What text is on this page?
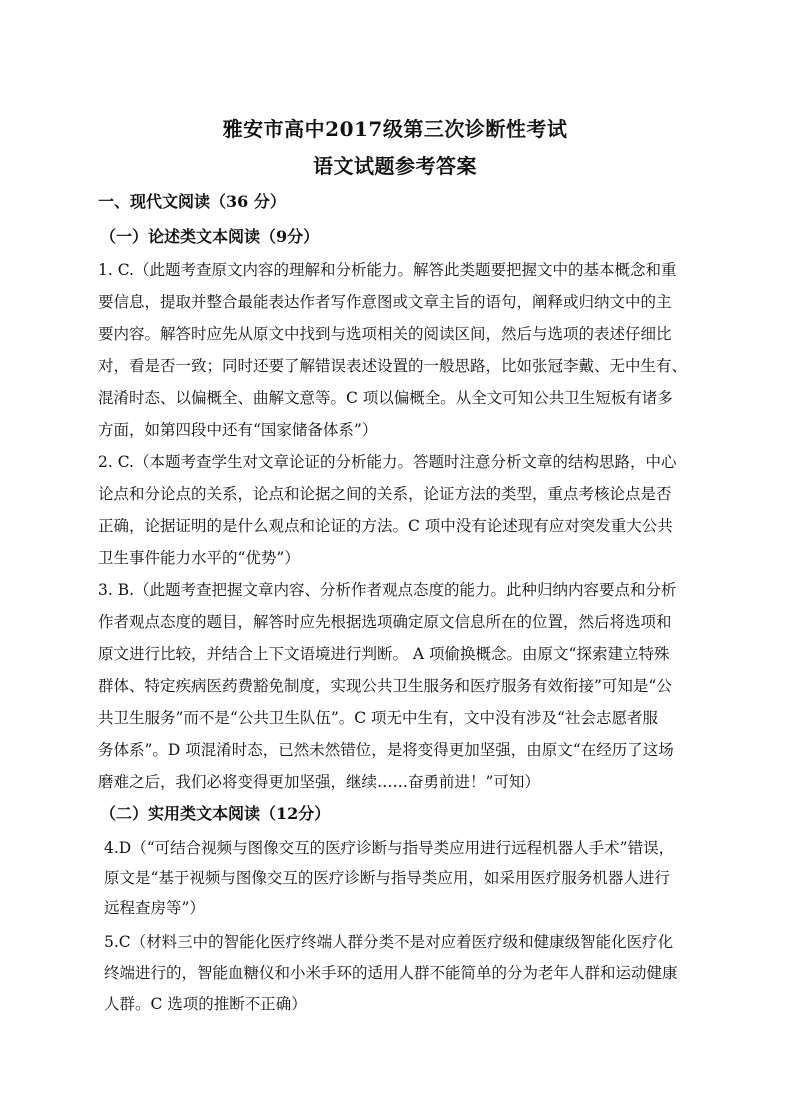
雅安市高中2017级第三次诊断性考试
语文试题参考答案
一、现代文阅读（36 分）
（一）论述类文本阅读（9分）
1. C.（此题考查原文内容的理解和分析能力。解答此类题要把握文中的基本概念和重
要信息，提取并整合最能表达作者写作意图或文章主旨的语句，阐释或归纳文中的主
要内容。解答时应先从原文中找到与选项相关的阅读区间，然后与选项的表述仔细比
对，看是否一致；同时还要了解错误表述设置的一般思路，比如张冠李戴、无中生有、
混淆时态、以偏概全、曲解文意等。C 项以偏概全。从全文可知公共卫生短板有诸多
方面，如第四段中还有“国家储备体系”）
2. C.（本题考查学生对文章论证的分析能力。答题时注意分析文章的结构思路，中心
论点和分论点的关系，论点和论据之间的关系，论证方法的类型，重点考核论点是否
正确，论据证明的是什么观点和论证的方法。C 项中没有论述现有应对突发重大公共
卫生事件能力水平的“优势”）
3. B.（此题考查把握文章内容、分析作者观点态度的能力。此种归纳内容要点和分析
作者观点态度的题目，解答时应先根据选项确定原文信息所在的位置，然后将选项和
原文进行比较，并结合上下文语境进行判断。 A 项偷换概念。由原文“探索建立特殊
群体、特定疾病医药费豁免制度，实现公共卫生服务和医疗服务有效衔接”可知是“公
共卫生服务”而不是“公共卫生队伍”。C 项无中生有，文中没有涉及“社会志愿者服
务体系”。D 项混淆时态，已然未然错位，是将变得更加坚强，由原文“在经历了这场
磨难之后，我们必将变得更加坚强，继续……奋勇前进！”可知）
（二）实用类文本阅读（12分）
4.D（“可结合视频与图像交互的医疗诊断与指导类应用进行远程机器人手术”错误，
原文是“基于视频与图像交互的医疗诊断与指导类应用，如采用医疗服务机器人进行
远程查房等”）
5.C（材料三中的智能化医疗终端人群分类不是对应着医疗级和健康级智能化医疗化
终端进行的，智能血糖仪和小米手环的适用人群不能简单的分为老年人群和运动健康
人群。C 选项的推断不正确）
